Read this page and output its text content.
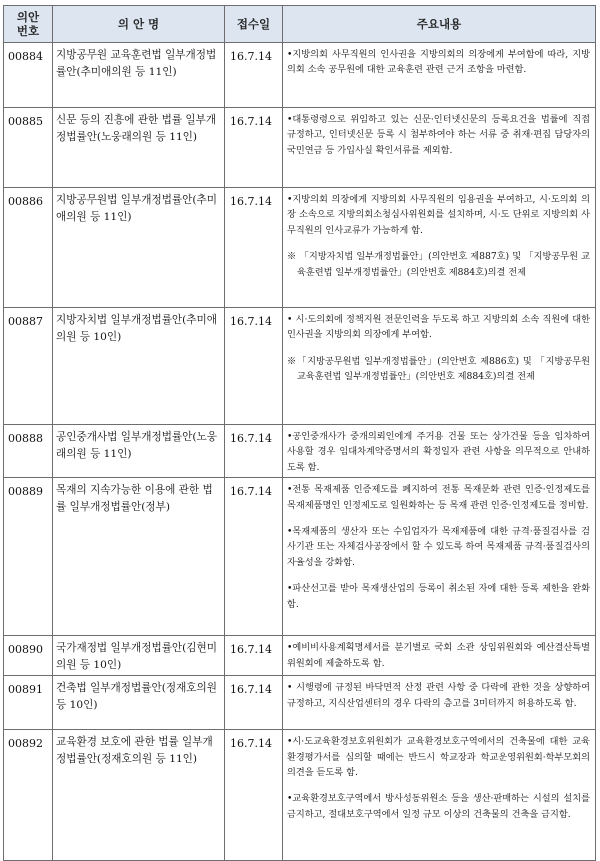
의안
번호	의 안 명	접수일	주요내용
00884	지방공무원 교육훈련법 일부개정법률안(추미애의원 등 11인)	16.7.14	•지방의회 사무직원의 인사권을 지방의회의 의장에게 부여함에 따라, 지방의회 소속 공무원에 대한 교육훈련 관련 근거 조항을 마련함.

00885	신문 등의 진흥에 관한 법률 일부개정법률안(노웅래의원 등 11인)	16.7.14	•대통령령으로 위임하고 있는 신문·인터넷신문의 등록요건을 법률에 직접 규정하고, 인터넷신문 등록 시 첨부하여야 하는 서류 중 취재·편집 담당자의 국민연금 등 가입사실 확인서류를 제외함.

00886	지방공무원법 일부개정법률안(추미애의원 등 11인)	16.7.14	•지방의회 의장에게 지방의회 사무직원의 임용권을 부여하고, 시·도의회 의장 소속으로 지방의회소청심사위원회를 설치하며, 시·도 단위로 지방의회 사무직원의 인사교류가 가능하게 함.

※ 「지방자치법 일부개정법률안」(의안번호 제887호) 및 「지방공무원 교육훈련법 일부개정법률안」(의안번호 제884호)의결 전제

00887	지방자치법 일부개정법률안(추미애의원 등 10인)	16.7.14	• 시·도의회에 정책지원 전문인력을 두도록 하고 지방의회 소속 직원에 대한 인사권을 지방의회 의장에게 부여함.

※「지방공무원법 일부개정법률안」(의안번호 제886호) 및 「지방공무원 교육훈련법 일부개정법률안」(의안번호 제884호)의결 전제

00888	공인중개사법 일부개정법률안(노웅래의원 등 11인)	16.7.14	•공인중개사가 중개의뢰인에게 주거용 건물 또는 상가건물 등을 임차하여 사용할 경우 임대차계약증명서의 확정일자 관련 사항을 의무적으로 안내하도록 함.

00889	목재의 지속가능한 이용에 관한 법률 일부개정법률안(정부)	16.7.14	•전통 목재제품 인증제도를 폐지하여 전통 목재문화 관련 인증·인정제도를 목재제품명인 인정제도로 일원화하는 등 목재 관련 인증·인정제도를 정비함.

•목재제품의 생산자 또는 수입업자가 목재제품에 대한 규격·품질검사를 검사기관 또는 자체검사공장에서 할 수 있도록 하여 목재제품 규격·품질검사의 자율성을 강화함.

•파산선고를 받아 목재생산업의 등록이 취소된 자에 대한 등록 제한을 완화함.

00890	국가재정법 일부개정법률안(김현미의원 등 10인)	16.7.14	•예비비사용계획명세서를 분기별로 국회 소관 상임위원회와 예산결산특별위원회에 제출하도록 함.

00891	건축법 일부개정법률안(정재호의원 등 10인)	16.7.14	• 시행령에 규정된 바닥면적 산정 관련 사항 중 다락에 관한 것을 상향하여 규정하고, 지식산업센터의 경우 다락의 층고를 3미터까지 허용하도록 함.

00892	교육환경 보호에 관한 법률 일부개정법률안(정재호의원 등 11인)	16.7.14	•시·도교육환경보호위원회가 교육환경보호구역에서의 건축물에 대한 교육환경평가서를 심의할 때에는 반드시 학교장과 학교운영위원회·학부모회의 의견을 듣도록 함.

•교육환경보호구역에서 방사성동위원소 등을 생산·판매하는 시설의 설치를 금지하고, 절대보호구역에서 일정 규모 이상의 건축물의 건축을 금지함.
